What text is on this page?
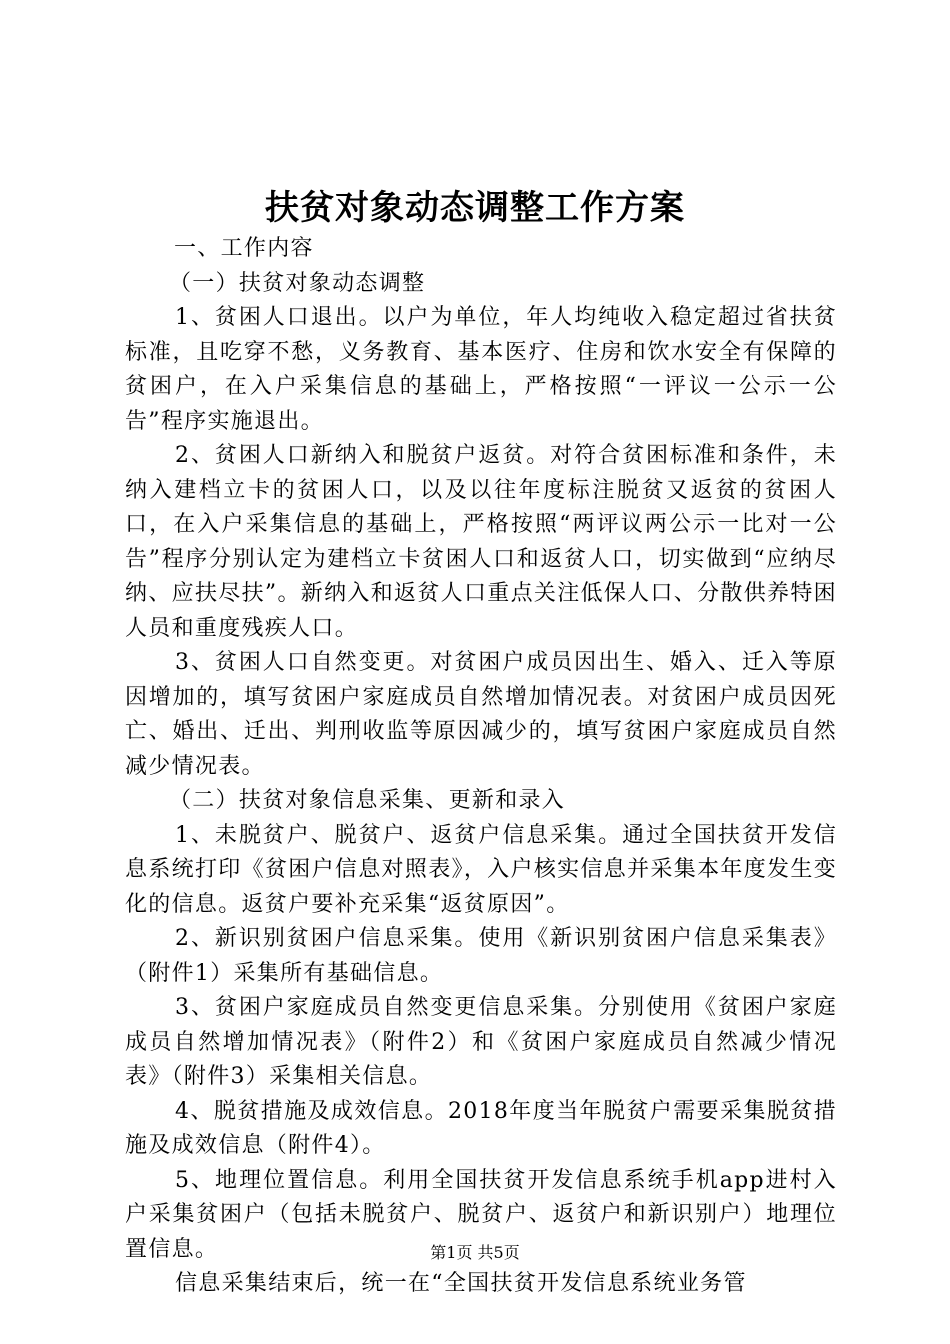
扶贫对象动态调整工作方案

一、工作内容

（一）扶贫对象动态调整

1、贫困人口退出。以户为单位，年人均纯收入稳定超过省扶贫标准，且吃穿不愁，义务教育、基本医疗、住房和饮水安全有保障的贫困户，在入户采集信息的基础上，严格按照“一评议一公示一公告”程序实施退出。

2、贫困人口新纳入和脱贫户返贫。对符合贫困标准和条件，未纳入建档立卡的贫困人口，以及以往年度标注脱贫又返贫的贫困人口，在入户采集信息的基础上，严格按照“两评议两公示一比对一公告”程序分别认定为建档立卡贫困人口和返贫人口，切实做到“应纳尽纳、应扶尽扶”。新纳入和返贫人口重点关注低保人口、分散供养特困人员和重度残疾人口。

3、贫困人口自然变更。对贫困户成员因出生、婚入、迁入等原因增加的，填写贫困户家庭成员自然增加情况表。对贫困户成员因死亡、婚出、迁出、判刑收监等原因减少的，填写贫困户家庭成员自然减少情况表。

（二）扶贫对象信息采集、更新和录入

1、未脱贫户、脱贫户、返贫户信息采集。通过全国扶贫开发信息系统打印《贫困户信息对照表》，入户核实信息并采集本年度发生变化的信息。返贫户要补充采集“返贫原因”。

2、新识别贫困户信息采集。使用《新识别贫困户信息采集表》（附件1）采集所有基础信息。

3、贫困户家庭成员自然变更信息采集。分别使用《贫困户家庭成员自然增加情况表》（附件2）和《贫困户家庭成员自然减少情况表》（附件3）采集相关信息。

4、脱贫措施及成效信息。2018年度当年脱贫户需要采集脱贫措施及成效信息（附件4）。

5、地理位置信息。利用全国扶贫开发信息系统手机app进村入户采集贫困户（包括未脱贫户、脱贫户、返贫户和新识别户）地理位置信息。

信息采集结束后，统一在“全国扶贫开发信息系统业务管

第1页 共5页
